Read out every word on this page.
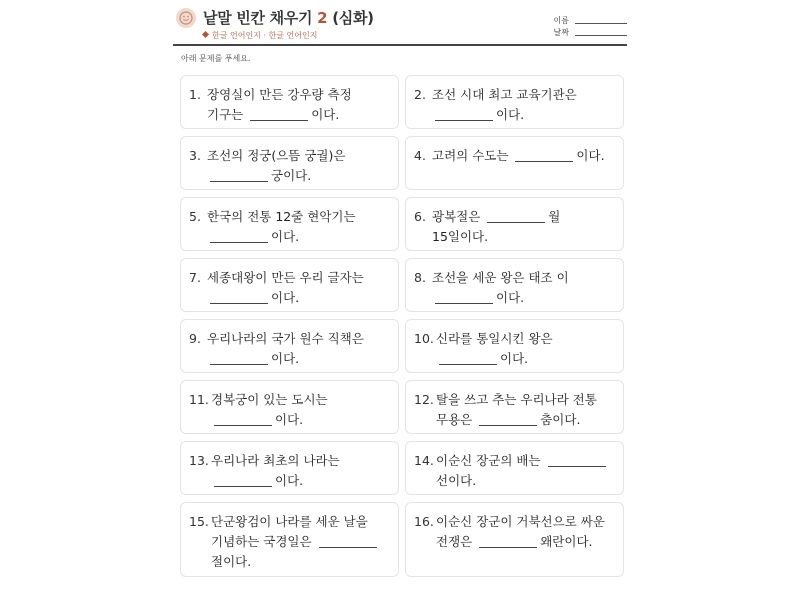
낱말 빈칸 채우기 2 (심화)
한글 언어인지 · 한글 언어인지
이름
날짜
아래 문제를 푸세요.
1. 장영실이 만든 강우량 측정 기구는	이다.
2. 조선 시대 최고 교육기관은 이다.
3. 조선의 정궁(으뜸 궁궐)은 궁이다.
4. 고려의 수도는	이다.
5. 한국의 전통 12줄 현악기는 이다.
6. 광복절은	월 15일이다.
7. 세종대왕이 만든 우리 글자는 이다.
8. 조선을 세운 왕은 태조 이 이다.
9. 우리나라의 국가 원수 직책은 이다.
10. 신라를 통일시킨 왕은 이다.
11. 경복궁이 있는 도시는 이다.
12. 탈을 쓰고 추는 우리나라 전통 무용은	춤이다.
13. 우리나라 최초의 나라는 이다.
14. 이순신 장군의 배는 선이다.
15. 단군왕검이 나라를 세운 날을 기념하는 국경일은 절이다.
16. 이순신 장군이 거북선으로 싸운 전쟁은	왜란이다.
